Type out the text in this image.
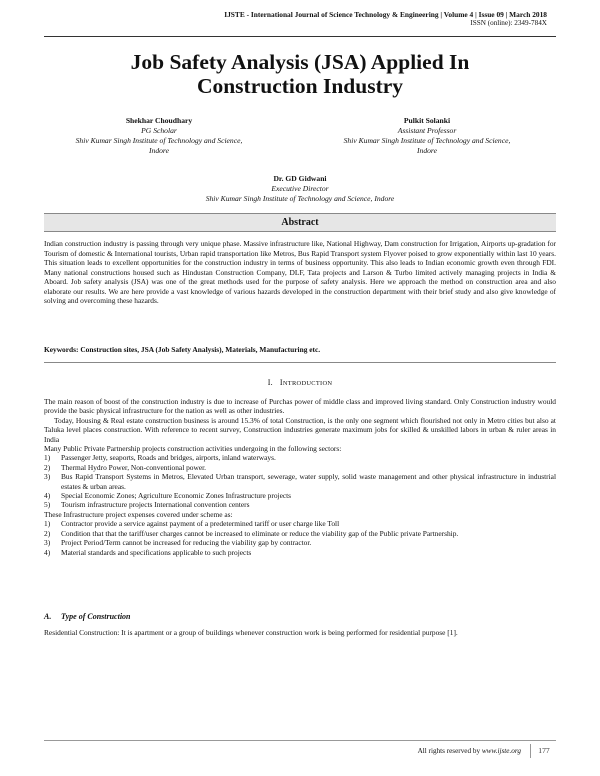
IJSTE - International Journal of Science Technology & Engineering | Volume 4 | Issue 09 | March 2018
ISSN (online): 2349-784X
Job Safety Analysis (JSA) Applied In
Construction Industry
Shekhar Choudhary
PG Scholar
Shiv Kumar Singh Institute of Technology and Science,
Indore
Pulkit Solanki
Assistant Professor
Shiv Kumar Singh Institute of Technology and Science,
Indore
Dr. GD Gidwani
Executive Director
Shiv Kumar Singh Institute of Technology and Science, Indore
Abstract
Indian construction industry is passing through very unique phase. Massive infrastructure like, National Highway, Dam construction for Irrigation, Airports up-gradation for Tourism of domestic & International tourists, Urban rapid transportation like Metros, Bus Rapid Transport system Flyover poised to grow exponentially within last 10 years. This situation leads to excellent opportunities for the construction industry in terms of business opportunity. This also leads to Indian economic growth even through FDI. Many national constructions housed such as Hindustan Construction Company, DLF, Tata projects and Larson & Turbo limited actively managing projects in India & Aboard. Job safety analysis (JSA) was one of the great methods used for the purpose of safety analysis. Here we approach the method on construction area and also elaborate our results. We are here provide a vast knowledge of various hazards developed in the construction department with their brief study and also give knowledge of solving and overcoming these hazards.
Keywords: Construction sites, JSA (Job Safety Analysis), Materials, Manufacturing etc.
I. INTRODUCTION

The main reason of boost of the construction industry is due to increase of Purchas power of middle class and improved living standard. Only Construction industry would provide the basic physical infrastructure for the nation as well as other industries.

Today, Housing & Real estate construction business is around 15.3% of total Construction, is the only one segment which flourished not only in Metro cities but also at Taluka level places construction. With reference to recent survey, Construction industries generate maximum jobs for skilled & unskilled labors in urban & ruler areas in India

Many Public Private Partnership projects construction activities undergoing in the following sectors:

1) Passenger Jetty, seaports, Roads and bridges, airports, inland waterways.
2) Thermal Hydro Power, Non-conventional power.
3) Bus Rapid Transport Systems in Metros, Elevated Urban transport, sewerage, water supply, solid waste management and other physical infrastructure in industrial estates & urban areas.
4) Special Economic Zones; Agriculture Economic Zones Infrastructure projects
5) Tourism infrastructure projects International convention centers

These Infrastructure project expenses covered under scheme as:

1) Contractor provide a service against payment of a predetermined tariff or user charge like Toll
2) Condition that that the tariff/user charges cannot be increased to eliminate or reduce the viability gap of the Public private Partnership.
3) Project Period/Term cannot be increased for reducing the viability gap by contractor.
4) Material standards and specifications applicable to such projects
A. Type of Construction

Residential Construction: It is apartment or a group of buildings whenever construction work is being performed for residential purpose [1].

All rights reserved by www.ijste.org	177
